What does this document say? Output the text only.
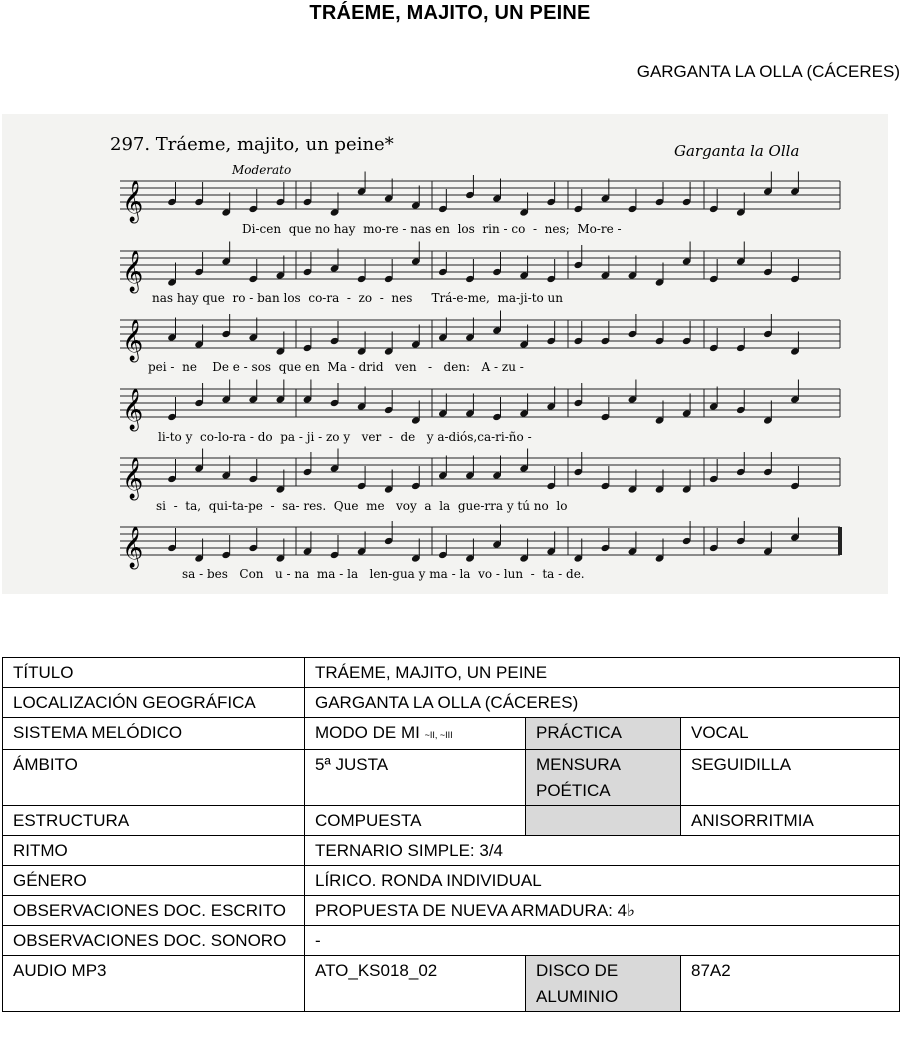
TRÁEME, MAJITO, UN PEINE
GARGANTA LA OLLA (CÁCERES)
297. Tráeme, majito, un peine*	Garganta la Olla
Moderato
𝄞
𝄞
𝄞
𝄞
𝄞
𝄞
Di-cen  que no hay  mo-re - nas en  los  rin - co  -  nes;  Mo-re -
nas hay que  ro - ban los  co-ra  -  zo  -  nes     Trá-e-me,  ma-ji-to un
pei -  ne    De e - sos  que en  Ma - drid   ven   -   den:   A - zu -
li-to y  co-lo-ra - do  pa - ji - zo y   ver  -  de   y a-diós,ca-ri-ño -
si  -  ta,  qui-ta-pe  -  sa- res.  Que  me   voy  a  la  gue-rra y tú no  lo
sa - bes   Con   u - na  ma - la   len-gua y ma - la  vo - lun  -  ta - de.
TÍTULO	TRÁEME, MAJITO, UN PEINE		
LOCALIZACIÓN GEOGRÁFICA	GARGANTA LA OLLA (CÁCERES)		
SISTEMA MELÓDICO	MODO DE MI ~II, ~III	PRÁCTICA	VOCAL
ÁMBITO	5ª JUSTA	MENSURA POÉTICA	SEGUIDILLA
ESTRUCTURA	COMPUESTA		ANISORRITMIA
RITMO	TERNARIO SIMPLE: 3/4		
GÉNERO	LÍRICO. RONDA INDIVIDUAL		
OBSERVACIONES DOC. ESCRITO	PROPUESTA DE NUEVA ARMADURA: 4♭		
OBSERVACIONES DOC. SONORO	-		
AUDIO MP3	ATO_KS018_02	DISCO DE ALUMINIO	87A2
